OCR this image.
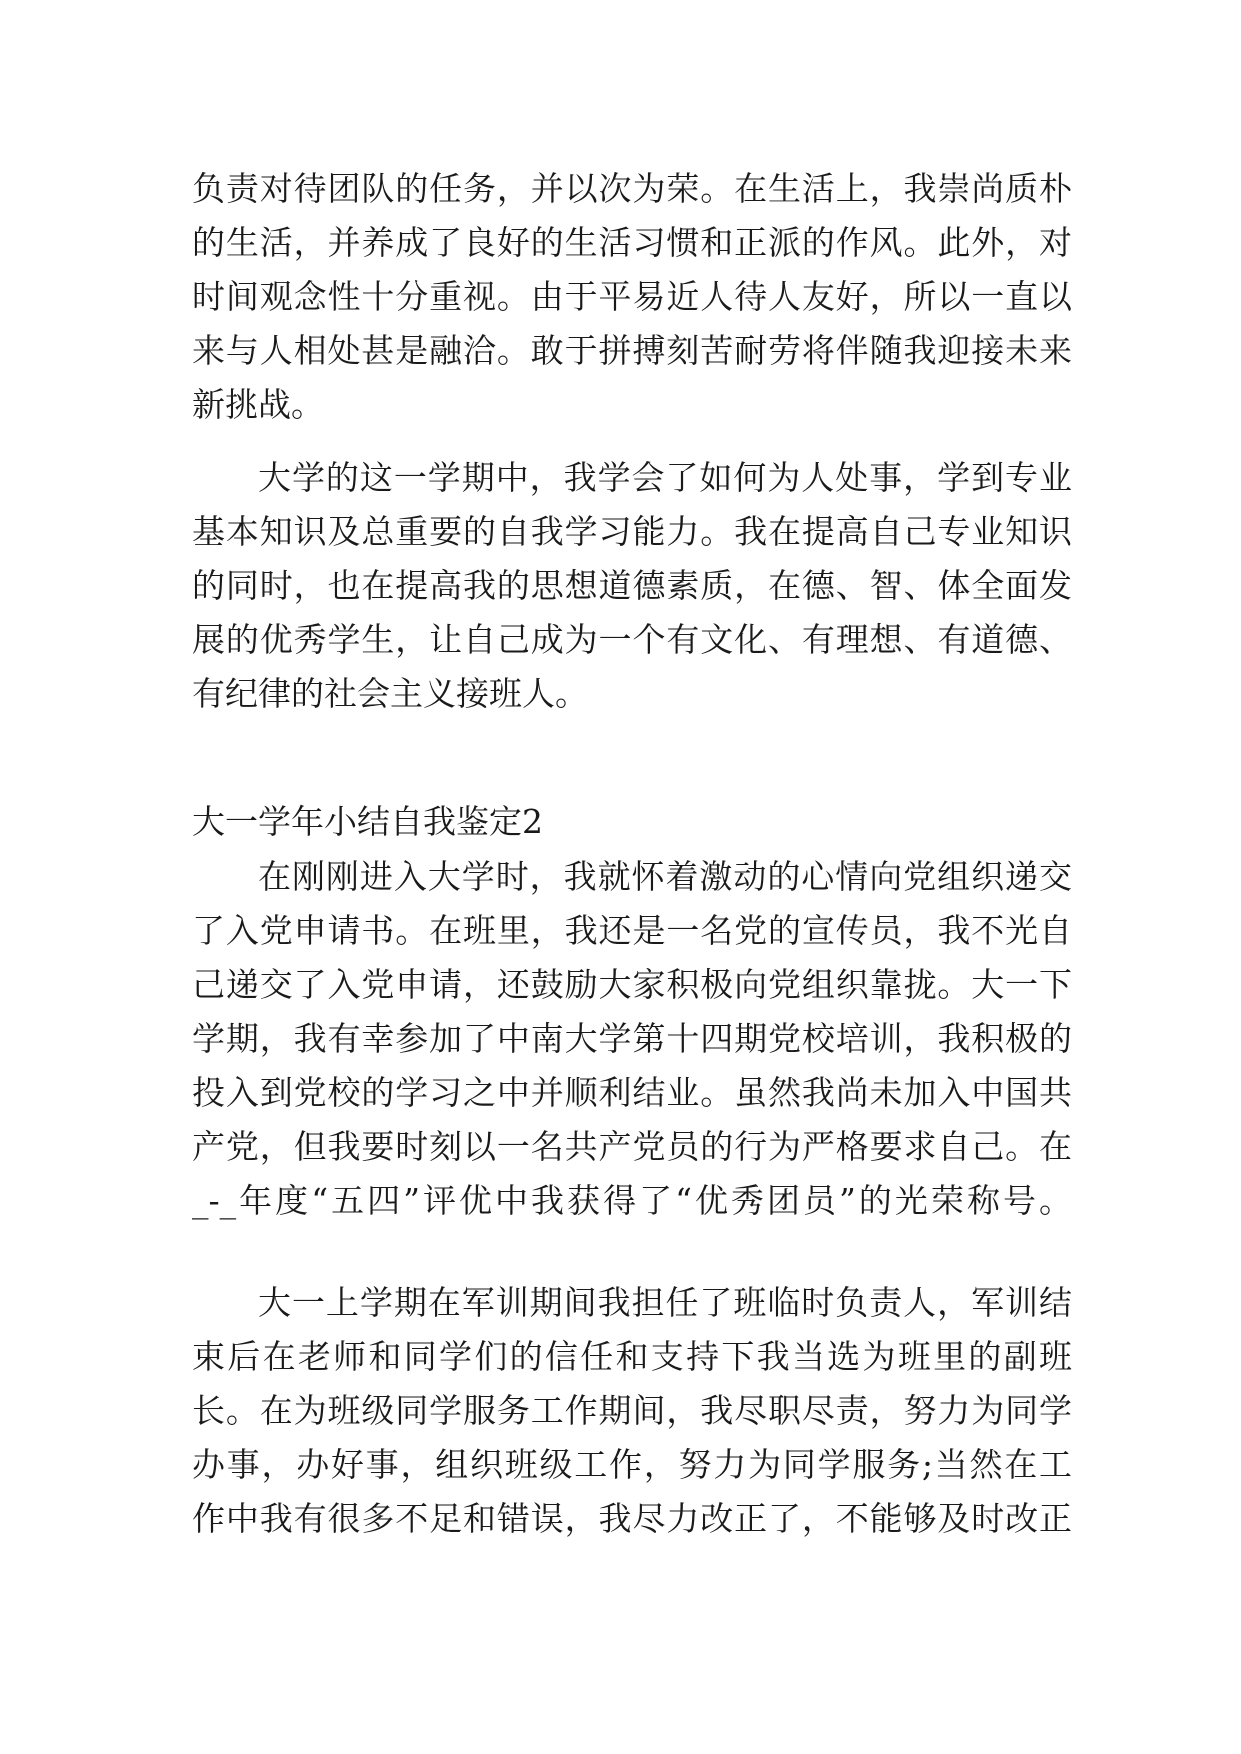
负责对待团队的任务，并以次为荣。在生活上，我崇尚质朴
的生活，并养成了良好的生活习惯和正派的作风。此外，对
时间观念性十分重视。由于平易近人待人友好，所以一直以
来与人相处甚是融洽。敢于拼搏刻苦耐劳将伴随我迎接未来
新挑战。
大学的这一学期中，我学会了如何为人处事，学到专业
基本知识及总重要的自我学习能力。我在提高自己专业知识
的同时，也在提高我的思想道德素质，在德、智、体全面发
展的优秀学生，让自己成为一个有文化、有理想、有道德、
有纪律的社会主义接班人。
大一学年小结自我鉴定2
在刚刚进入大学时，我就怀着激动的心情向党组织递交
了入党申请书。在班里，我还是一名党的宣传员，我不光自
己递交了入党申请，还鼓励大家积极向党组织靠拢。大一下
学期，我有幸参加了中南大学第十四期党校培训，我积极的
投入到党校的学习之中并顺利结业。虽然我尚未加入中国共
产党，但我要时刻以一名共产党员的行为严格要求自己。在
_-_年度“五四”评优中我获得了“优秀团员”的光荣称号。
大一上学期在军训期间我担任了班临时负责人，军训结
束后在老师和同学们的信任和支持下我当选为班里的副班
长。在为班级同学服务工作期间，我尽职尽责，努力为同学
办事，办好事，组织班级工作，努力为同学服务;当然在工
作中我有很多不足和错误，我尽力改正了，不能够及时改正
